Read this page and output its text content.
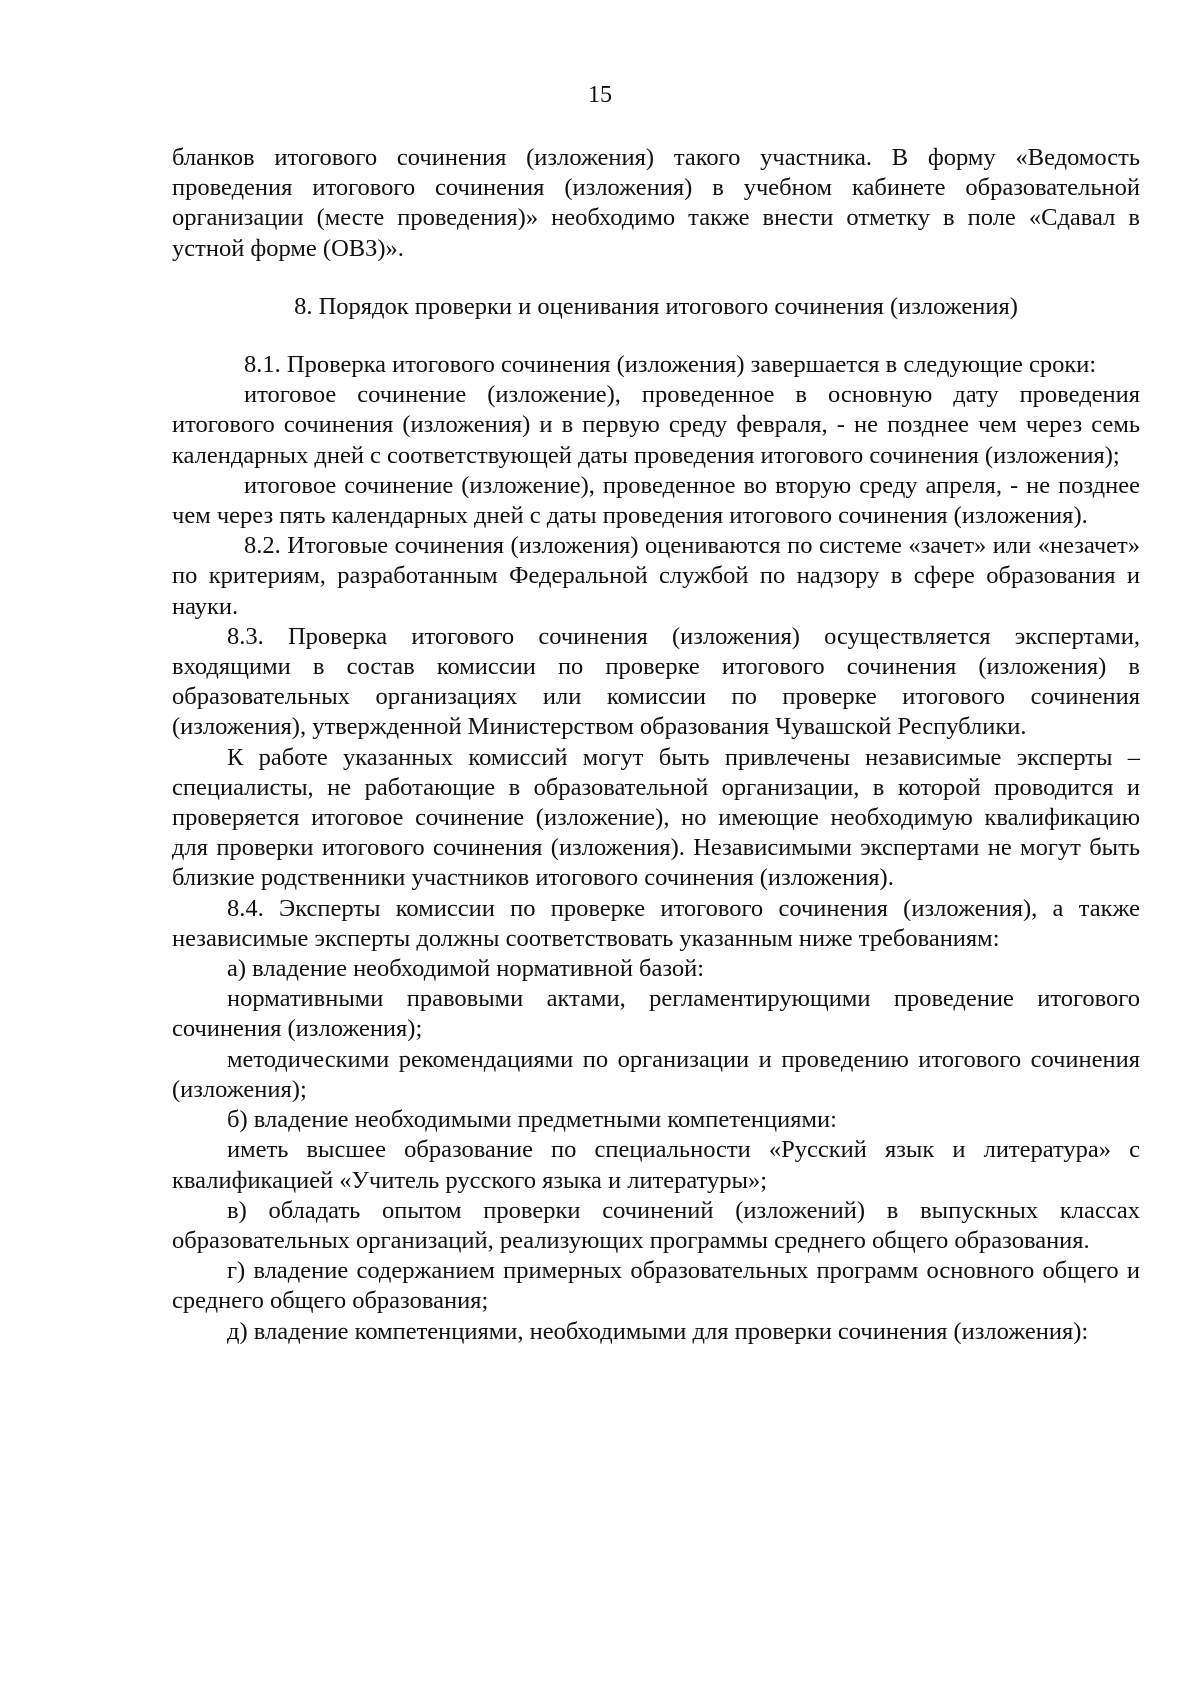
15

бланков итогового сочинения (изложения) такого участника. В форму «Ведомость проведения итогового сочинения (изложения) в учебном кабинете образовательной организации (месте проведения)» необходимо также внести отметку в поле «Сдавал в устной форме (ОВЗ)».

8. Порядок проверки и оценивания итогового сочинения (изложения)

8.1. Проверка итогового сочинения (изложения) завершается в следующие сроки:

итоговое сочинение (изложение), проведенное в основную дату проведения итогового сочинения (изложения) и в первую среду февраля, - не позднее чем через семь календарных дней с соответствующей даты проведения итогового сочинения (изложения);

итоговое сочинение (изложение), проведенное во вторую среду апреля, - не позднее чем через пять календарных дней с даты проведения итогового сочинения (изложения).

8.2. Итоговые сочинения (изложения) оцениваются по системе «зачет» или «незачет» по критериям, разработанным Федеральной службой по надзору в сфере образования и науки.

8.3. Проверка итогового сочинения (изложения) осуществляется экспертами, входящими в состав комиссии по проверке итогового сочинения (изложения) в образовательных организациях или комиссии по проверке итогового сочинения (изложения), утвержденной Министерством образования Чувашской Республики.

К работе указанных комиссий могут быть привлечены независимые эксперты – специалисты, не работающие в образовательной организации, в которой проводится и проверяется итоговое сочинение (изложение), но имеющие необходимую квалификацию для проверки итогового сочинения (изложения). Независимыми экспертами не могут быть близкие родственники участников итогового сочинения (изложения).

8.4. Эксперты комиссии по проверке итогового сочинения (изложения), а также независимые эксперты должны соответствовать указанным ниже требованиям:

а) владение необходимой нормативной базой:

нормативными правовыми актами, регламентирующими проведение итогового сочинения (изложения);

методическими рекомендациями по организации и проведению итогового сочинения (изложения);

б) владение необходимыми предметными компетенциями:

иметь высшее образование по специальности «Русский язык и литература» с квалификацией «Учитель русского языка и литературы»;

в) обладать опытом проверки сочинений (изложений) в выпускных классах образовательных организаций, реализующих программы среднего общего образования.

г) владение содержанием примерных образовательных программ основного общего и среднего общего образования;

д) владение компетенциями, необходимыми для проверки сочинения (изложения):
